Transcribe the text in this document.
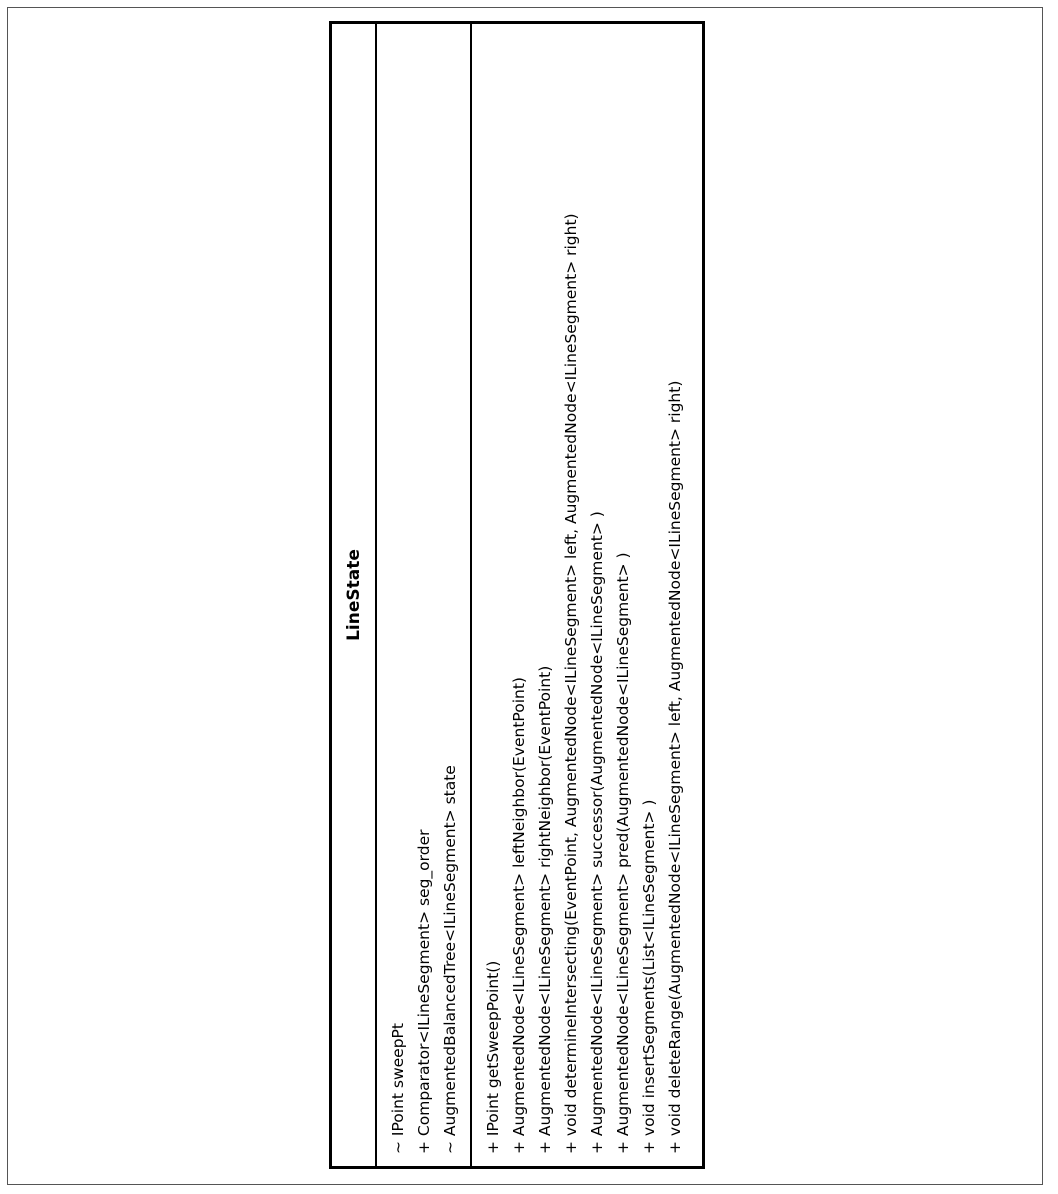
LineState
~ IPoint sweepPt + Comparator<ILineSegment> seg_order ~ AugmentedBalancedTree<ILineSegment> state + IPoint getSweepPoint() + AugmentedNode<ILineSegment> leftNeighbor(EventPoint) + AugmentedNode<ILineSegment> rightNeighbor(EventPoint) + void determineIntersecting(EventPoint, AugmentedNode<ILineSegment> left, AugmentedNode<ILineSegment> right) + AugmentedNode<ILineSegment> successor(AugmentedNode<ILineSegment> ) + AugmentedNode<ILineSegment> pred(AugmentedNode<ILineSegment> ) + void insertSegments(List<ILineSegment> ) + void deleteRange(AugmentedNode<ILineSegment> left, AugmentedNode<ILineSegment> right)
